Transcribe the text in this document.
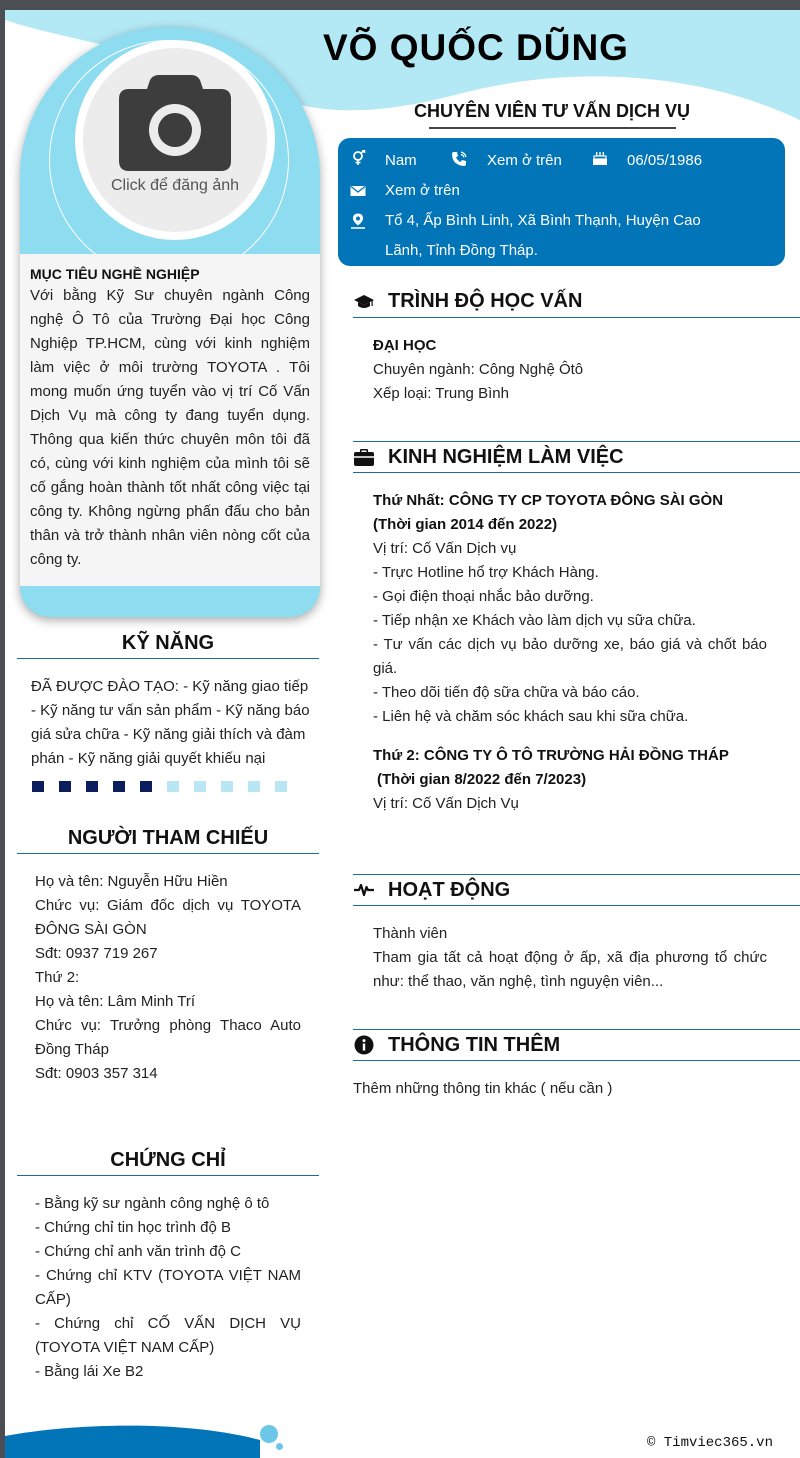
© Timviec365.vn
Click để đăng ảnh
MỤC TIÊU NGHỀ NGHIỆP

Với bằng Kỹ Sư chuyên ngành Công nghệ Ô Tô của Trường Đại học Công Nghiệp TP.HCM, cùng với kinh nghiệm làm việc ở môi trường TOYOTA . Tôi mong muốn ứng tuyển vào vị trí Cố Vấn Dịch Vụ mà công ty đang tuyển dụng. Thông qua kiến thức chuyên môn tôi đã có, cùng với kinh nghiệm của mình tôi sẽ cố gắng hoàn thành tốt nhất công việc tại công ty. Không ngừng phấn đấu cho bản thân và trở thành nhân viên nòng cốt của công ty.

KỸ NĂNG
ĐÃ ĐƯỢC ĐÀO TẠO: - Kỹ năng giao tiếp - Kỹ năng tư vấn sản phẩm - Kỹ năng báo giá sửa chữa - Kỹ năng giải thích và đàm phán - Kỹ năng giải quyết khiếu nại
NGƯỜI THAM CHIẾU
Họ và tên: Nguyễn Hữu Hiền
Chức vụ: Giám đốc dịch vụ TOYOTA ĐÔNG SÀI GÒN
Sđt: 0937 719 267
Thứ 2:
Họ và tên: Lâm Minh Trí
Chức vụ: Trưởng phòng Thaco Auto Đồng Tháp
Sđt: 0903 357 314
CHỨNG CHỈ
- Bằng kỹ sư ngành công nghệ ô tô
- Chứng chỉ tin học trình độ B
- Chứng chỉ anh văn trình độ C
- Chứng chỉ KTV (TOYOTA VIỆT NAM CẤP)
- Chứng chỉ CỐ VẤN DỊCH VỤ (TOYOTA VIỆT NAM CẤP)
- Bằng lái Xe B2
VÕ QUỐC DŨNG
CHUYÊN VIÊN TƯ VẤN DỊCH VỤ
Nam	Xem ở trên	06/05/1986
Xem ở trên
Tổ 4, Ấp Bình Linh, Xã Bình Thạnh, Huyện Cao
Lãnh, Tỉnh Đồng Tháp.
TRÌNH ĐỘ HỌC VẤN
ĐẠI HỌC
Chuyên ngành: Công Nghệ Ôtô
Xếp loại: Trung Bình
KINH NGHIỆM LÀM VIỆC
Thứ Nhất: CÔNG TY CP TOYOTA ĐÔNG SÀI GÒN
(Thời gian 2014 đến 2022)
Vị trí: Cố Vấn Dịch vụ
- Trực Hotline hổ trợ Khách Hàng.
- Gọi điện thoại nhắc bảo dưỡng.
- Tiếp nhận xe Khách vào làm dịch vụ sữa chữa.
- Tư vấn các dịch vụ bảo dưỡng xe, báo giá và chốt báo giá.
- Theo dõi tiến độ sữa chữa và báo cáo.
- Liên hệ và chăm sóc khách sau khi sữa chữa.
Thứ 2: CÔNG TY Ô TÔ TRƯỜNG HẢI ĐỒNG THÁP
(Thời gian 8/2022 đến 7/2023)
Vị trí: Cố Vấn Dịch Vụ
HOẠT ĐỘNG
Thành viên
Tham gia tất cả hoạt động ở ấp, xã địa phương tổ chức như: thể thao, văn nghệ, tình nguyện viên...
THÔNG TIN THÊM
Thêm những thông tin khác ( nếu cần )
